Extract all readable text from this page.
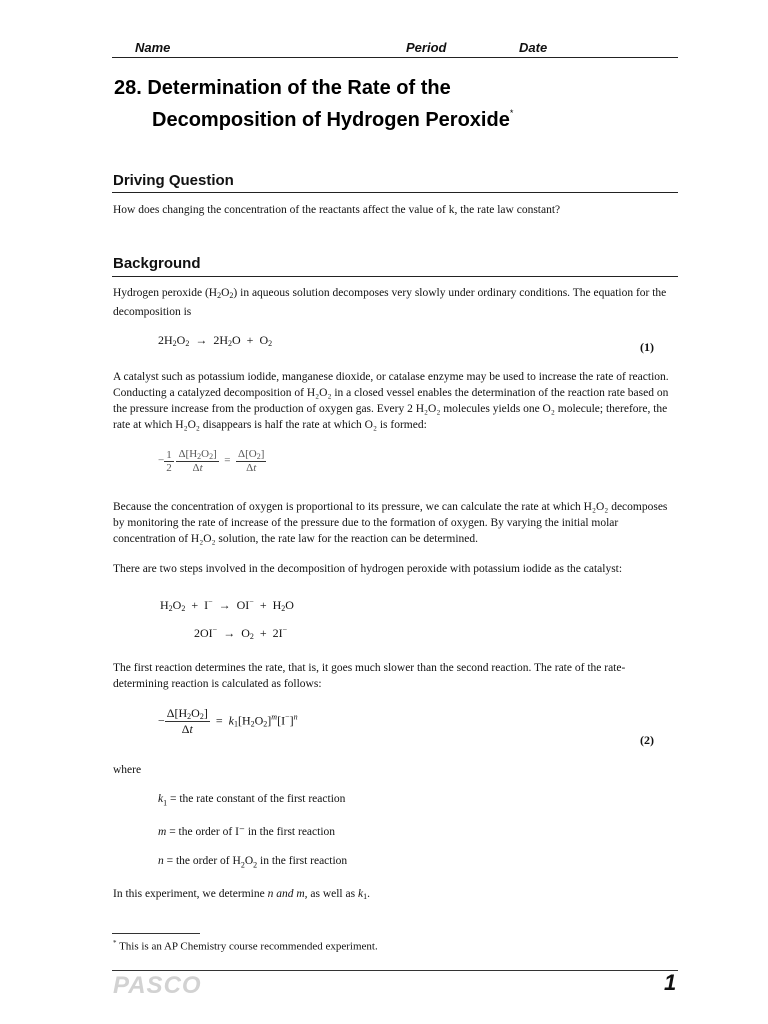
Name	Period	Date
28. Determination of the Rate of the
Decomposition of Hydrogen Peroxide*
Driving Question
How does changing the concentration of the reactants affect the value of k, the rate law constant?
Background
Hydrogen peroxide $(H_2O_2)$ in aqueous solution decomposes very slowly under ordinary conditions. The equation for the decomposition is
$2H_2O_2 \to 2H_2O + O_2$	(1)
A catalyst such as potassium iodide, manganese dioxide, or catalase enzyme may be used to increase the rate of reaction. Conducting a catalyzed decomposition of H₂O₂ in a closed vessel enables the determination of the reaction rate based on the pressure increase from the production of oxygen gas. Every 2 H₂O₂ molecules yields one O₂ molecule; therefore, the rate at which H₂O₂ disappears is half the rate at which O₂ is formed:
− $\frac{1}{2}$
$\frac{\Delta[H_2O_2]}{\Delta t} = \frac{\Delta[O_2]}{\Delta t}$
Because the concentration of oxygen is proportional to its pressure, we can calculate the rate at which H₂O₂ decomposes by monitoring the rate of increase of the pressure due to the formation of oxygen. By varying the initial molar concentration of H₂O₂ solution, the rate law for the reaction can be determined.
There are two steps involved in the decomposition of hydrogen peroxide with potassium iodide as the catalyst:
$H_2O_2 + I^- \to OI^- + H_2O$
$2OI^- \to O_2 + 2I^-$
The first reaction determines the rate, that is, it goes much slower than the second reaction. The rate of the rate-determining reaction is calculated as follows:
− $\frac{\Delta[H_2O_2]}{\Delta t} = k_1[H_2O_2]^m[I^-]^n$
(2)
where
$k_1$ = the rate constant of the first reaction
m = the order of I⁻ in the first reaction
n = the order of $H_2O_2$ in the first reaction
In this experiment, we determine n and m, as well as $k_1$.
* This is an AP Chemistry course recommended experiment.
PASCO	1
